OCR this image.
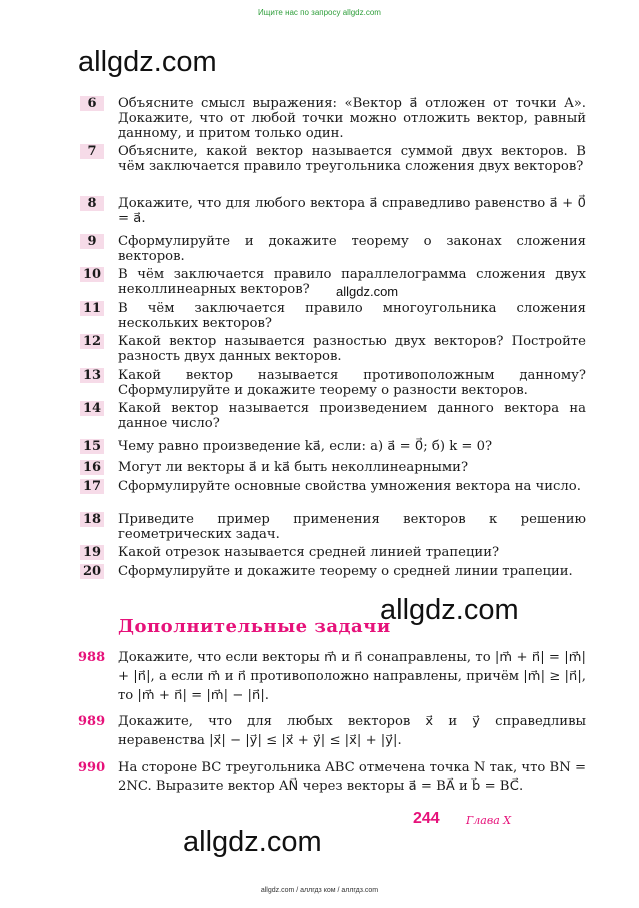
Ищите нас по запросу allgdz.com
allgdz.com
allgdz.com
allgdz.com
allgdz.com
6	Объясните смысл выражения: «Вектор a⃗ отложен от точки A». Докажите, что от любой точки можно отложить вектор, равный данному, и притом только один.
7	Объясните, какой вектор называется суммой двух векторов. В чём заключается правило треугольника сложения двух векторов?
8	Докажите, что для любого вектора a⃗ справедливо равенство a⃗ + 0⃗ = a⃗.
9	Сформулируйте и докажите теорему о законах сложения векторов.
10 В чём заключается правило параллелограмма сложения двух неколлинеарных векторов?
11 В чём заключается правило многоугольника сложения нескольких векторов?
12 Какой вектор называется разностью двух векторов? Постройте разность двух данных векторов.
13 Какой вектор называется противоположным данному? Сформулируйте и докажите теорему о разности векторов.
14 Какой вектор называется произведением данного вектора на данное число?
15 Чему равно произведение ka⃗, если: а) a⃗ = 0⃗; б) k = 0?
16 Могут ли векторы a⃗ и ka⃗ быть неколлинеарными?
17 Сформулируйте основные свойства умножения вектора на число.
18 Приведите пример применения векторов к решению геометрических задач.
19 Какой отрезок называется средней линией трапеции?
20 Сформулируйте и докажите теорему о средней линии трапеции.
Дополнительные задачи
988 Докажите, что если векторы m⃗ и n⃗ сонаправлены, то |m⃗ + n⃗| = |m⃗| + |n⃗|, а если m⃗ и n⃗ противоположно направлены, причём |m⃗| ≥ |n⃗|, то |m⃗ + n⃗| = |m⃗| − |n⃗|.
989 Докажите, что для любых векторов x⃗ и y⃗ справедливы неравенства |x⃗| − |y⃗| ≤ |x⃗ + y⃗| ≤ |x⃗| + |y⃗|.
990 На стороне BC треугольника ABC отмечена точка N так, что BN = 2NC. Выразите вектор AN⃗ через векторы a⃗ = BA⃗ и b⃗ = BC⃗.
244 Глава X
allgdz.com / аллгдз ком / аллгдз.com
